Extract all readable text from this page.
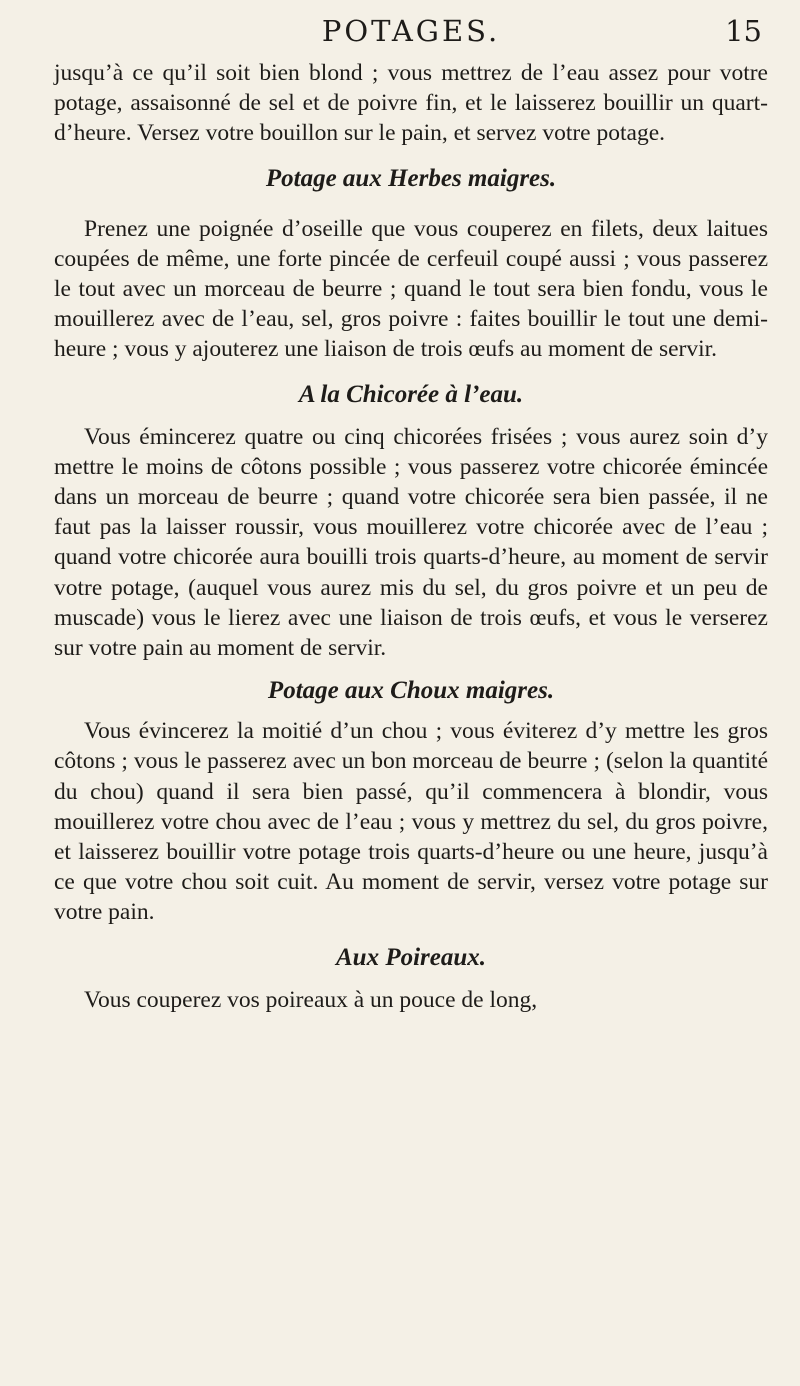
POTAGES.	15

jusqu’à ce qu’il soit bien blond ; vous mettrez de l’eau assez pour votre potage, assaisonné de sel et de poivre fin, et le laisserez bouillir un quart-d’heure. Versez votre bouillon sur le pain, et servez votre potage.

Potage aux Herbes maigres.

Prenez une poignée d’oseille que vous couperez en filets, deux laitues coupées de même, une forte pincée de cerfeuil coupé aussi ; vous passerez le tout avec un morceau de beurre ; quand le tout sera bien fondu, vous le mouillerez avec de l’eau, sel, gros poivre : faites bouillir le tout une demi-heure ; vous y ajouterez une liaison de trois œufs au moment de servir.

A la Chicorée à l’eau.

Vous émincerez quatre ou cinq chicorées frisées ; vous aurez soin d’y mettre le moins de côtons possible ; vous passerez votre chicorée émincée dans un morceau de beurre ; quand votre chicorée sera bien passée, il ne faut pas la laisser roussir, vous mouillerez votre chicorée avec de l’eau ; quand votre chicorée aura bouilli trois quarts-d’heure, au moment de servir votre potage, (auquel vous aurez mis du sel, du gros poivre et un peu de muscade) vous le lierez avec une liaison de trois œufs, et vous le verserez sur votre pain au moment de servir.

Potage aux Choux maigres.

Vous évincerez la moitié d’un chou ; vous éviterez d’y mettre les gros côtons ; vous le passerez avec un bon morceau de beurre ; (selon la quantité du chou) quand il sera bien passé, qu’il commencera à blondir, vous mouillerez votre chou avec de l’eau ; vous y mettrez du sel, du gros poivre, et laisserez bouillir votre potage trois quarts-d’heure ou une heure, jusqu’à ce que votre chou soit cuit. Au moment de servir, versez votre potage sur votre pain.

Aux Poireaux.

Vous couperez vos poireaux à un pouce de long,
